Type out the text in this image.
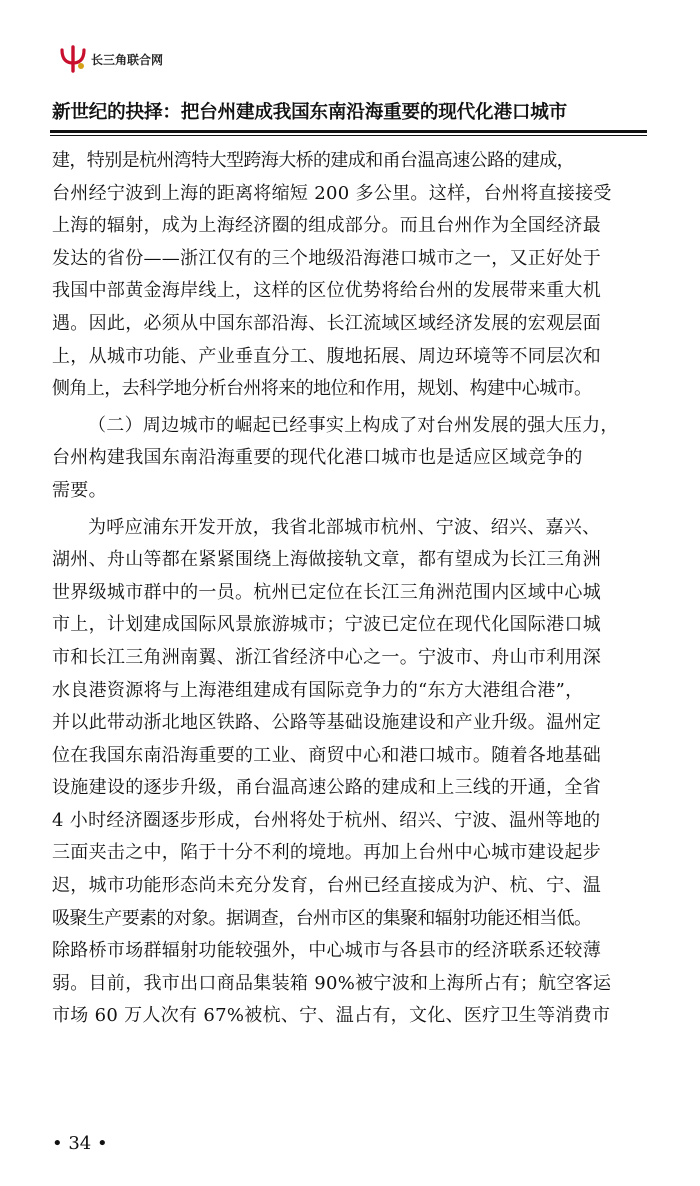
长三角联合网
新世纪的抉择：把台州建成我国东南沿海重要的现代化港口城市

建，特别是杭州湾特大型跨海大桥的建成和甬台温高速公路的建成，
台州经宁波到上海的距离将缩短 200 多公里。这样，台州将直接接受
上海的辐射，成为上海经济圈的组成部分。而且台州作为全国经济最
发达的省份——浙江仅有的三个地级沿海港口城市之一，又正好处于
我国中部黄金海岸线上，这样的区位优势将给台州的发展带来重大机
遇。因此，必须从中国东部沿海、长江流域区域经济发展的宏观层面
上，从城市功能、产业垂直分工、腹地拓展、周边环境等不同层次和
侧角上，去科学地分析台州将来的地位和作用，规划、构建中心城市。

（二）周边城市的崛起已经事实上构成了对台州发展的强大压力，
台州构建我国东南沿海重要的现代化港口城市也是适应区域竞争的
需要。

为呼应浦东开发开放，我省北部城市杭州、宁波、绍兴、嘉兴、
湖州、舟山等都在紧紧围绕上海做接轨文章，都有望成为长江三角洲
世界级城市群中的一员。杭州已定位在长江三角洲范围内区域中心城
市上，计划建成国际风景旅游城市；宁波已定位在现代化国际港口城
市和长江三角洲南翼、浙江省经济中心之一。宁波市、舟山市利用深
水良港资源将与上海港组建成有国际竞争力的“东方大港组合港”，
并以此带动浙北地区铁路、公路等基础设施建设和产业升级。温州定
位在我国东南沿海重要的工业、商贸中心和港口城市。随着各地基础
设施建设的逐步升级，甬台温高速公路的建成和上三线的开通，全省
4 小时经济圈逐步形成，台州将处于杭州、绍兴、宁波、温州等地的
三面夹击之中，陷于十分不利的境地。再加上台州中心城市建设起步
迟，城市功能形态尚未充分发育，台州已经直接成为沪、杭、宁、温
吸聚生产要素的对象。据调查，台州市区的集聚和辐射功能还相当低。
除路桥市场群辐射功能较强外，中心城市与各县市的经济联系还较薄
弱。目前，我市出口商品集装箱 90%被宁波和上海所占有；航空客运
市场 60 万人次有 67%被杭、宁、温占有，文化、医疗卫生等消费市

• 34 •
